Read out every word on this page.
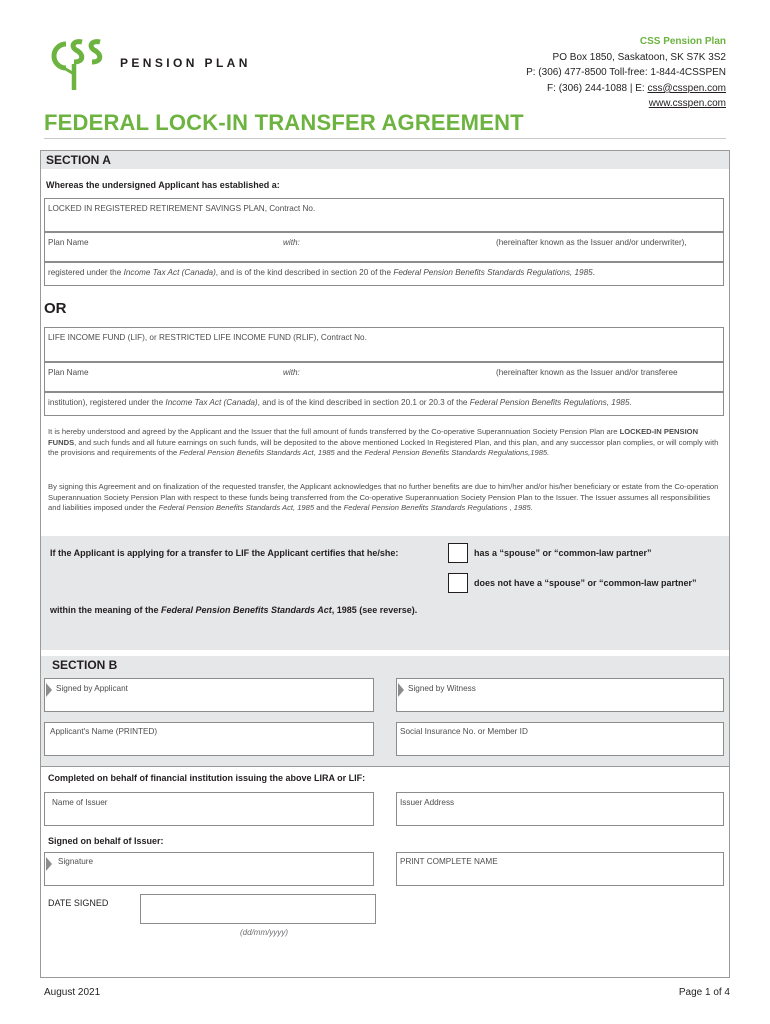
PENSION PLAN
CSS Pension Plan
PO Box 1850, Saskatoon, SK S7K 3S2
P: (306) 477-8500 Toll-free: 1-844-4CSSPEN
F: (306) 244-1088 | E: css@csspen.com
www.csspen.com
FEDERAL LOCK-IN TRANSFER AGREEMENT
SECTION A
Whereas the undersigned Applicant has established a:
LOCKED IN REGISTERED RETIREMENT SAVINGS PLAN, Contract No.
Plan Name	with:	(hereinafter known as the Issuer and/or underwriter),
registered under the Income Tax Act (Canada), and is of the kind described in section 20 of the Federal Pension Benefits Standards Regulations, 1985.
OR
LIFE INCOME FUND (LIF), or RESTRICTED LIFE INCOME FUND (RLIF), Contract No.
Plan Name	with:	(hereinafter known as the Issuer and/or transferee
institution), registered under the Income Tax Act (Canada), and is of the kind described in section 20.1 or 20.3 of the Federal Pension Benefits Regulations, 1985.
It is hereby understood and agreed by the Applicant and the Issuer that the full amount of funds transferred by the Co-operative Superannuation Society Pension Plan are LOCKED-IN PENSION FUNDS, and such funds and all future earnings on such funds, will be deposited to the above mentioned Locked In Registered Plan, and this plan, and any successor plan complies, or will comply with the provisions and requirements of the Federal Pension Benefits Standards Act, 1985 and the Federal Pension Benefits Standards Regulations,1985.
By signing this Agreement and on finalization of the requested transfer, the Applicant acknowledges that no further benefits are due to him/her and/or his/her beneficiary or estate from the Co-operation Superannuation Society Pension Plan with respect to these funds being transferred from the Co-operative Superannuation Society Pension Plan to the Issuer. The Issuer assumes all responsibilities and liabilities imposed under the Federal Pension Benefits Standards Act, 1985 and the Federal Pension Benefits Standards Regulations , 1985.
If the Applicant is applying for a transfer to LIF the Applicant certifies that he/she:	has a “spouse” or “common-law partner”
does not have a “spouse” or “common-law partner”
within the meaning of the Federal Pension Benefits Standards Act, 1985 (see reverse).
SECTION B
Signed by Applicant	Signed by Witness
Applicant's Name (PRINTED)	Social Insurance No. or Member ID
Completed on behalf of financial institution issuing the above LIRA or LIF:
Name of Issuer	Issuer Address
Signed on behalf of Issuer:
Signature	PRINT COMPLETE NAME
DATE SIGNED
(dd/mm/yyyy)
August 2021	Page 1 of 4
